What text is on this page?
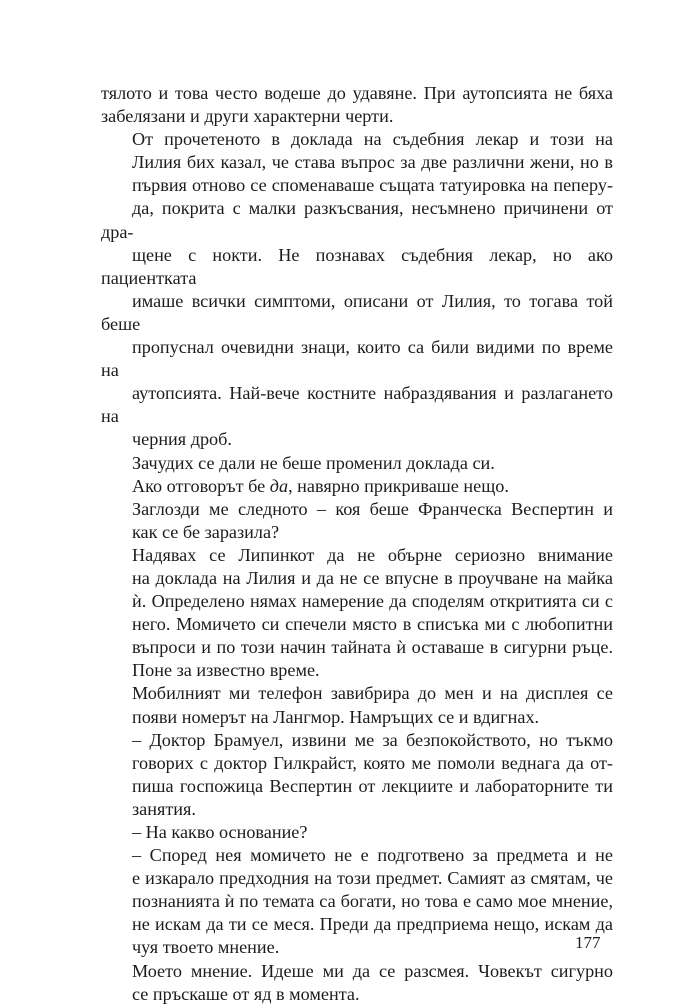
тялото и това често водеше до удавяне. При аутопсията не бяха
забелязани и други характерни черти.
От прочетеното в доклада на съдебния лекар и този на
Лилия бих казал, че става въпрос за две различни жени, но в
първия отново се споменаваше същата татуировка на пеперу-
да, покрита с малки разкъсвания, несъмнено причинени от дра-
щене с нокти. Не познавах съдебния лекар, но ако пациентката
имаше всички симптоми, описани от Лилия, то тогава той беше
пропуснал очевидни знаци, които са били видими по време на
аутопсията. Най-вече костните набраздявания и разлагането на
черния дроб.
Зачудих се дали не беше променил доклада си.
Ако отговорът бе да, навярно прикриваше нещо.
Заглозди ме следното – коя беше Франческа Веспертин и
как се бе заразила?
Надявах се Липинкот да не обърне сериозно внимание
на доклада на Лилия и да не се впусне в проучване на майка
ѝ. Определено нямах намерение да споделям откритията си с
него. Момичето си спечели място в списъка ми с любопитни
въпроси и по този начин тайната ѝ оставаше в сигурни ръце.
Поне за известно време.
Мобилният ми телефон завибрира до мен и на дисплея се
появи номерът на Лангмор. Намръщих се и вдигнах.
– Доктор Брамуел, извини ме за безпокойството, но тъкмо
говорих с доктор Гилкрайст, която ме помоли веднага да от-
пиша госпожица Веспертин от лекциите и лабораторните ти
занятия.
– На какво основание?
– Според нея момичето не е подготвено за предмета и не
е изкарало предходния на този предмет. Самият аз смятам, че
познанията ѝ по темата са богати, но това е само мое мнение,
не искам да ти се меся. Преди да предприема нещо, искам да
чуя твоето мнение.
Моето мнение. Идеше ми да се разсмея. Човекът сигурно
се пръскаше от яд в момента.
177
